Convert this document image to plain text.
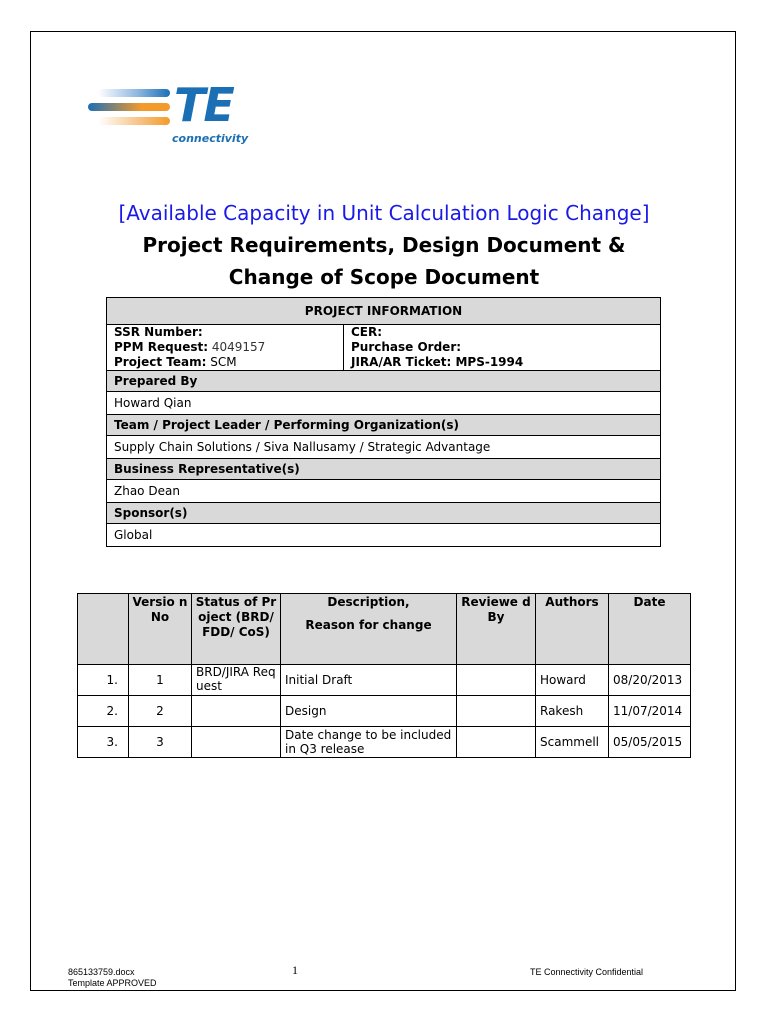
TE
connectivity
[Available Capacity in Unit Calculation Logic Change]
Project Requirements, Design Document &
Change of Scope Document
PROJECT INFORMATION

SSR Number:
PPM Request: 4049157
Project Team: SCM

CER:
Purchase Order:
JIRA/AR Ticket: MPS-1994

Prepared By
Howard Qian
Team / Project Leader / Performing Organization(s)
Supply Chain Solutions / Siva Nallusamy / Strategic Advantage
Business Representative(s)
Zhao Dean
Sponsor(s)
Global
	Versio n No	Status of Project (BRD/FDD/ CoS)	Description,
Reason for change	Reviewe d By	Authors	Date
1.	1	BRD/JIRA Request	Initial Draft		Howard	08/20/2013
2.	2		Design		Rakesh	11/07/2014
3.	3		Date change to be included in Q3 release		Scammell	05/05/2015
865133759.docx
Template APPROVED
1	TE Connectivity Confidential
